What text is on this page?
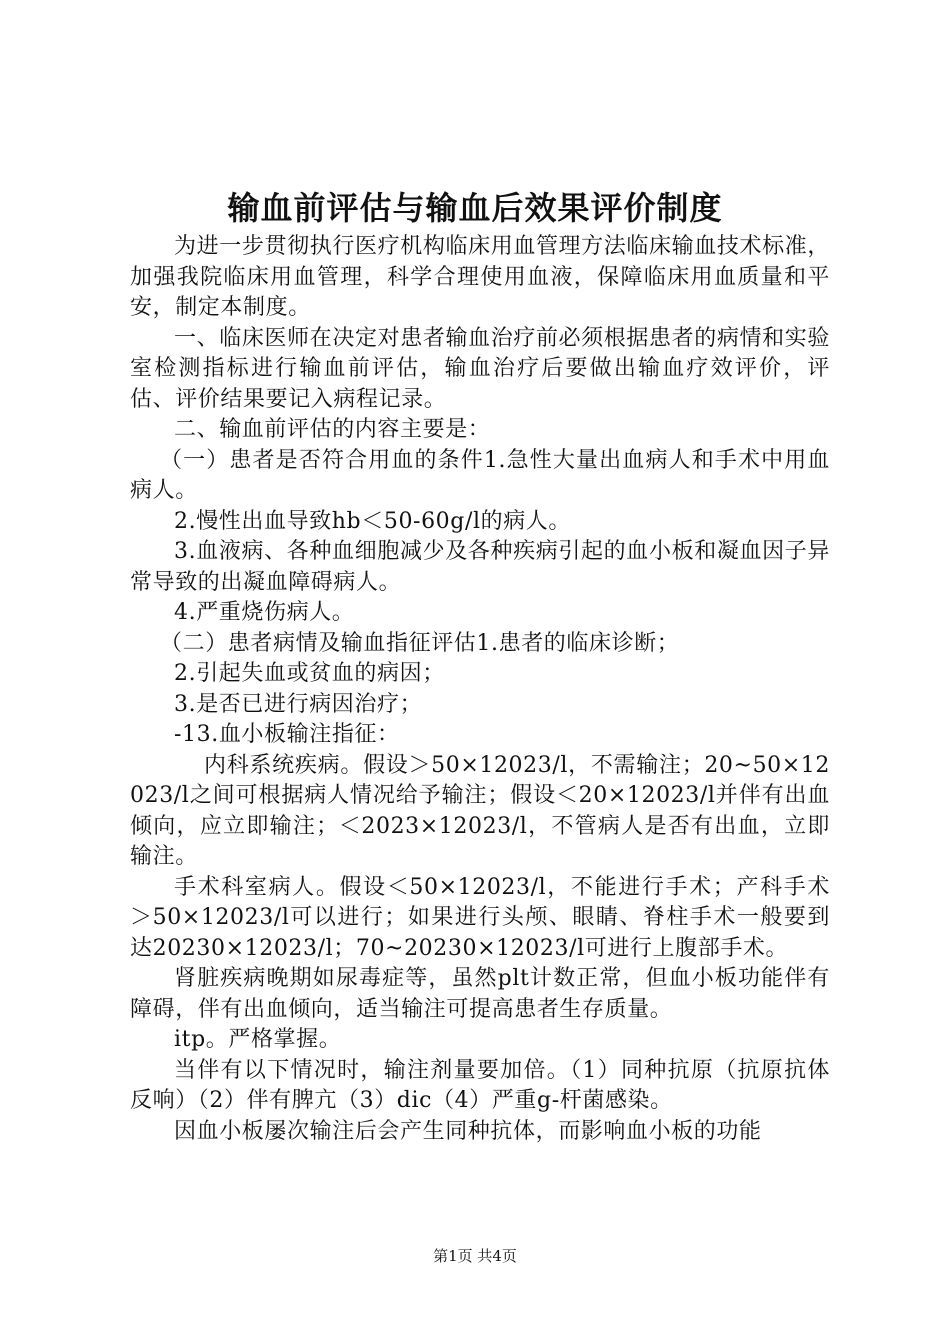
输血前评估与输血后效果评价制度

为进一步贯彻执行医疗机构临床用血管理方法临床输血技术标准，加强我院临床用血管理，科学合理使用血液，保障临床用血质量和平安，制定本制度。

一、临床医师在决定对患者输血治疗前必须根据患者的病情和实验室检测指标进行输血前评估，输血治疗后要做出输血疗效评价，评估、评价结果要记入病程记录。

二、输血前评估的内容主要是：

（一）患者是否符合用血的条件1.急性大量出血病人和手术中用血病人。

2.慢性出血导致hb＜50-60g/l的病人。

3.血液病、各种血细胞减少及各种疾病引起的血小板和凝血因子异常导致的出凝血障碍病人。

4.严重烧伤病人。

（二）患者病情及输血指征评估1.患者的临床诊断；

2.引起失血或贫血的病因；

3.是否已进行病因治疗；

-13.血小板输注指征：

内科系统疾病。假设＞50×12023/l，不需输注；20~50×12023/l之间可根据病人情况给予输注；假设＜20×12023/l并伴有出血倾向，应立即输注；＜2023×12023/l，不管病人是否有出血，立即输注。

手术科室病人。假设＜50×12023/l，不能进行手术；产科手术＞50×12023/l可以进行；如果进行头颅、眼睛、脊柱手术一般要到达20230×12023/l；70~20230×12023/l可进行上腹部手术。

肾脏疾病晚期如尿毒症等，虽然plt计数正常，但血小板功能伴有障碍，伴有出血倾向，适当输注可提高患者生存质量。

itp。严格掌握。

当伴有以下情况时，输注剂量要加倍。（1）同种抗原（抗原抗体反响）（2）伴有脾亢（3）dic（4）严重g-杆菌感染。

因血小板屡次输注后会产生同种抗体，而影响血小板的功能

第1页 共4页
